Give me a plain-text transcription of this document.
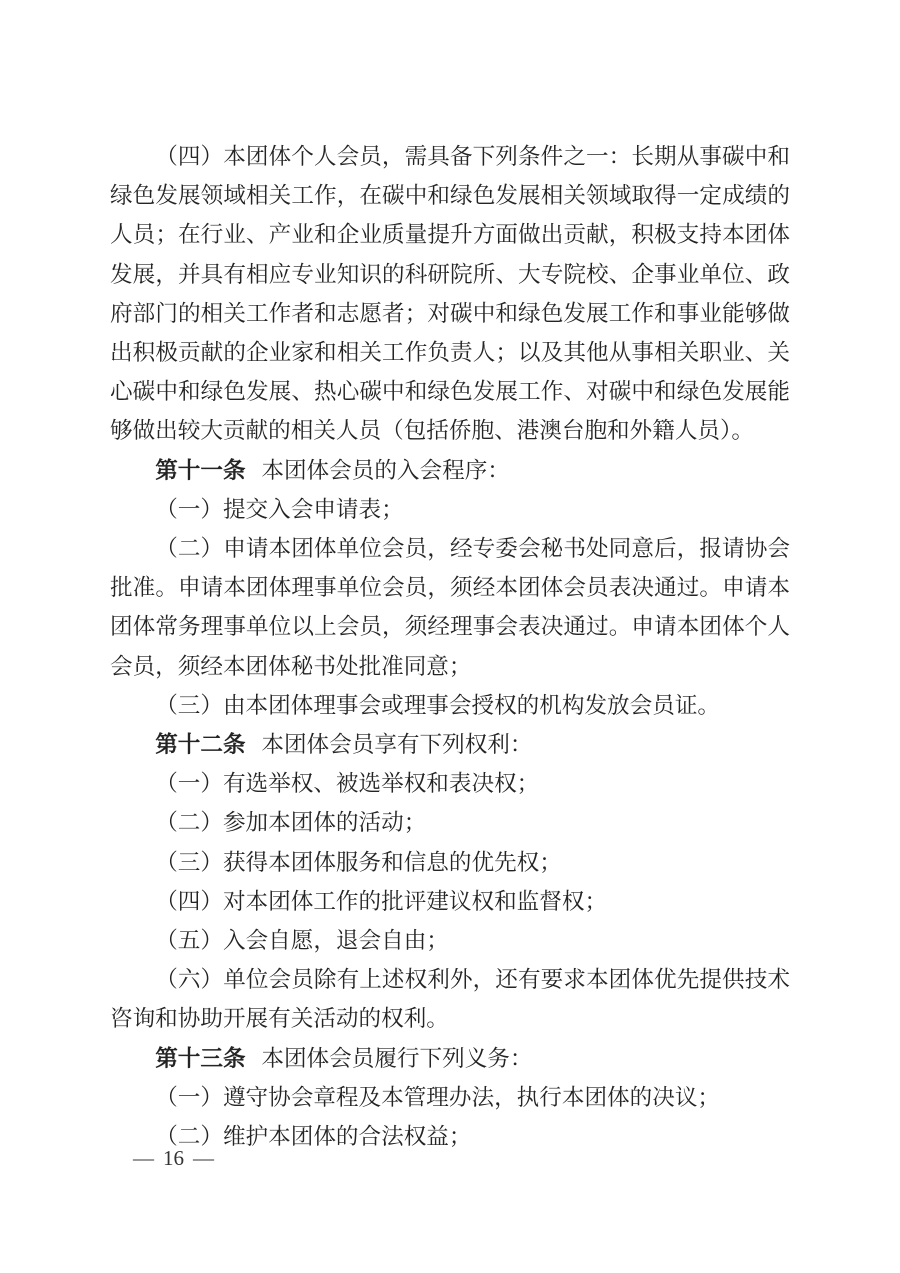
（四）本团体个人会员，需具备下列条件之一：长期从事碳中和绿色发展领域相关工作，在碳中和绿色发展相关领域取得一定成绩的人员；在行业、产业和企业质量提升方面做出贡献，积极支持本团体发展，并具有相应专业知识的科研院所、大专院校、企事业单位、政府部门的相关工作者和志愿者；对碳中和绿色发展工作和事业能够做出积极贡献的企业家和相关工作负责人；以及其他从事相关职业、关心碳中和绿色发展、热心碳中和绿色发展工作、对碳中和绿色发展能够做出较大贡献的相关人员（包括侨胞、港澳台胞和外籍人员）。

第十一条 本团体会员的入会程序：

（一）提交入会申请表；

（二）申请本团体单位会员，经专委会秘书处同意后，报请协会批准。申请本团体理事单位会员，须经本团体会员表决通过。申请本团体常务理事单位以上会员，须经理事会表决通过。申请本团体个人会员，须经本团体秘书处批准同意；

（三）由本团体理事会或理事会授权的机构发放会员证。

第十二条 本团体会员享有下列权利：

（一）有选举权、被选举权和表决权；

（二）参加本团体的活动；

（三）获得本团体服务和信息的优先权；

（四）对本团体工作的批评建议权和监督权；

（五）入会自愿，退会自由；

（六）单位会员除有上述权利外，还有要求本团体优先提供技术咨询和协助开展有关活动的权利。

第十三条 本团体会员履行下列义务：

（一）遵守协会章程及本管理办法，执行本团体的决议；

（二）维护本团体的合法权益；

— 16 —
